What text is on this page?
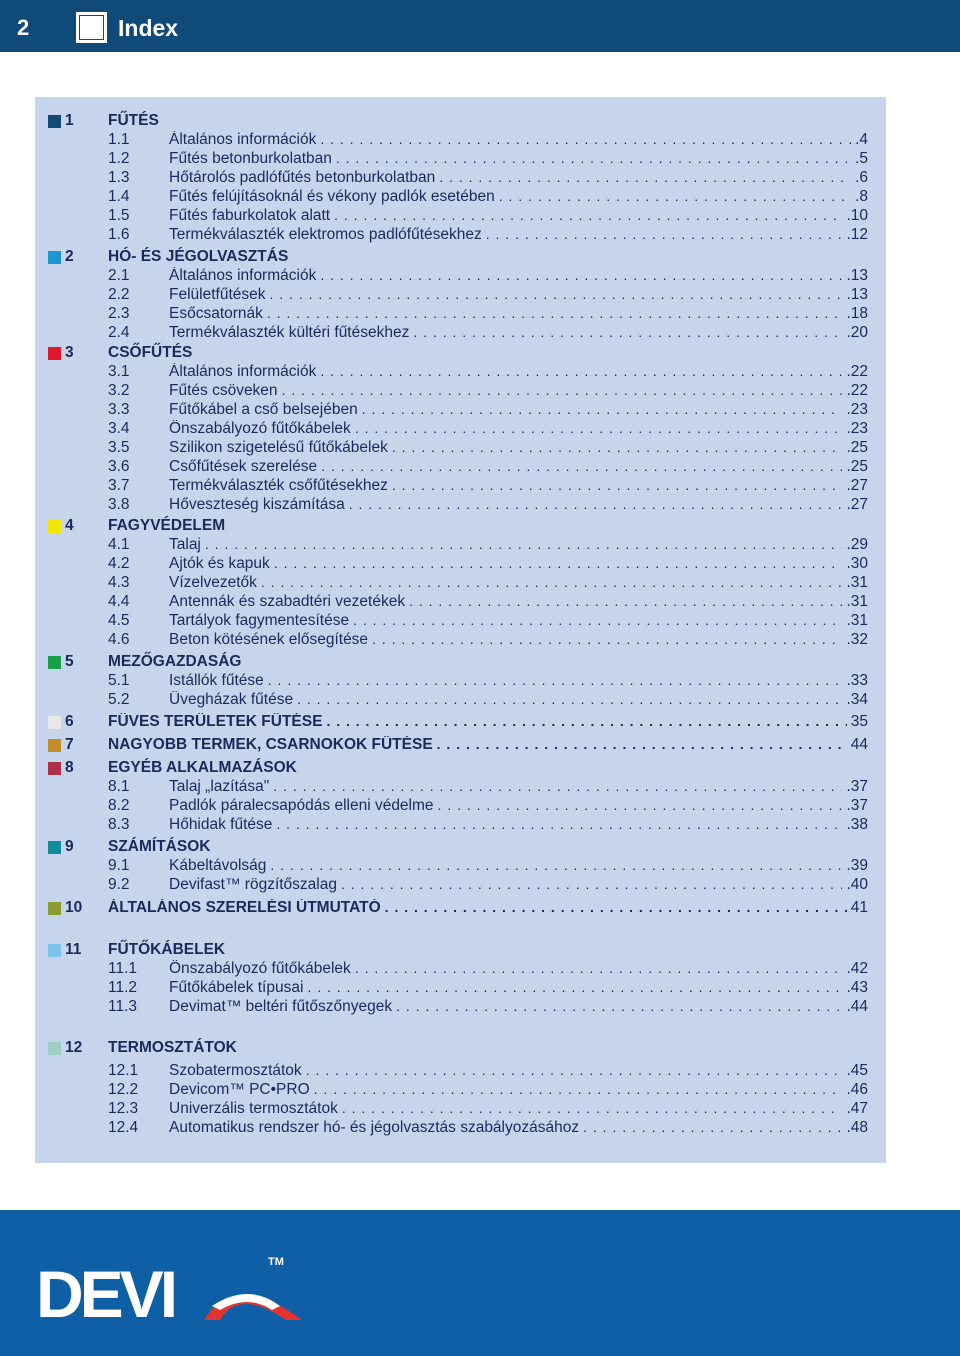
2	Index
1 FŰTÉS
1.1	Általános információk . . .	.4
1.2	Fűtés betonburkolatban . . .	.5
1.3	Hőtárolós padlófűtés betonburkolatban . . .	.6
1.4	Fűtés felújításoknál és vékony padlók esetében . . .	.8
1.5	Fűtés faburkolatok alatt . . .	.10
1.6	Termékválaszték elektromos padlófűtésekhez . . .	.12
2 HÓ- ÉS JÉGOLVASZTÁS
2.1	Általános információk . . .	.13
2.2	Felületfűtések . . .	.13
2.3	Esőcsatornák . . .	.18
2.4	Termékválaszték kültéri fűtésekhez . . .	.20
3 CSŐFŰTÉS
3.1	Általános információk . . .	.22
3.2	Fűtés csöveken . . .	.22
3.3	Fűtőkábel a cső belsejében . . .	.23
3.4	Önszabályozó fűtőkábelek . . .	.23
3.5	Szilikon szigetelésű fűtőkábelek . . .	.25
3.6	Csőfűtések szerelése . . .	.25
3.7	Termékválaszték csőfűtésekhez . . .	.27
3.8	Hőveszteség kiszámítása . . .	.27
4 FAGYVÉDELEM
4.1	Talaj . . .	.29
4.2	Ajtók és kapuk . . .	.30
4.3	Vízelvezetők . . .	.31
4.4	Antennák és szabadtéri vezetékek . . .	.31
4.5	Tartályok fagymentesítése . . .	.31
4.6	Beton kötésének elősegítése . . .	.32
5 MEZŐGAZDASÁG
5.1	Istállók fűtése . . .	.33
5.2	Üvegházak fűtése . . .	.34
6 FÜVES TERÜLETEK FŰTÉSE . . .	35
7 NAGYOBB TERMEK, CSARNOKOK FŰTÉSE . . .	44
8 EGYÉB ALKALMAZÁSOK
8.1	Talaj „lazítása" . . .	.37
8.2	Padlók páralecsapódás elleni védelme . . .	.37
8.3	Hőhidak fűtése . . .	.38
9 SZÁMÍTÁSOK
9.1	Kábeltávolság . . .	.39
9.2	Devifast™ rögzítőszalag . . .	.40
10 ÁLTALÁNOS SZERELÉSI ÚTMUTATÓ . . .	41
11 FŰTŐKÁBELEK
11.1	Önszabályozó fűtőkábelek . . .	.42
11.2	Fűtőkábelek típusai . . .	.43
11.3	Devimat™ beltéri fűtőszőnyegek . . .	.44
12 TERMOSZTÁTOK
12.1	Szobatermosztátok . . .	.45
12.2	Devicom™ PC•PRO . . .	.46
12.3	Univerzális termosztátok . . .	.47
12.4	Automatikus rendszer hó- és jégolvasztás szabályozásához . . .	.48
DEVI	TM
